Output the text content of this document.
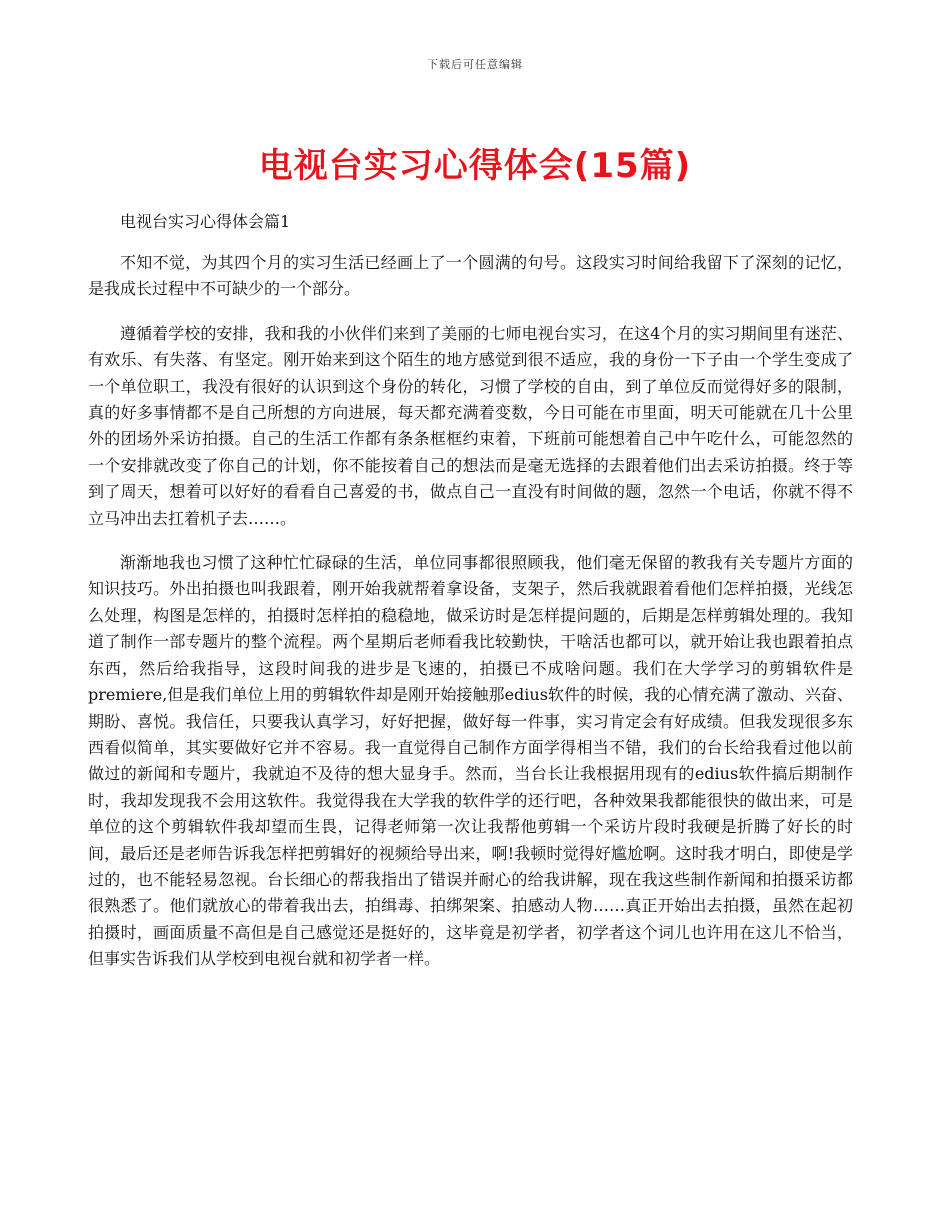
下载后可任意编辑
电视台实习心得体会(15篇)

电视台实习心得体会篇1

不知不觉，为其四个月的实习生活已经画上了一个圆满的句号。这段实习时间给我留下了深刻的记忆，是我成长过程中不可缺少的一个部分。

遵循着学校的安排，我和我的小伙伴们来到了美丽的七师电视台实习，在这4个月的实习期间里有迷茫、有欢乐、有失落、有坚定。刚开始来到这个陌生的地方感觉到很不适应，我的身份一下子由一个学生变成了一个单位职工，我没有很好的认识到这个身份的转化，习惯了学校的自由，到了单位反而觉得好多的限制，真的好多事情都不是自己所想的方向进展，每天都充满着变数，今日可能在市里面，明天可能就在几十公里外的团场外采访拍摄。自己的生活工作都有条条框框约束着，下班前可能想着自己中午吃什么，可能忽然的一个安排就改变了你自己的计划，你不能按着自己的想法而是毫无选择的去跟着他们出去采访拍摄。终于等到了周天，想着可以好好的看看自己喜爱的书，做点自己一直没有时间做的题，忽然一个电话，你就不得不立马冲出去扛着机子去……。

渐渐地我也习惯了这种忙忙碌碌的生活，单位同事都很照顾我，他们毫无保留的教我有关专题片方面的知识技巧。外出拍摄也叫我跟着，刚开始我就帮着拿设备，支架子，然后我就跟着看他们怎样拍摄，光线怎么处理，构图是怎样的，拍摄时怎样拍的稳稳地，做采访时是怎样提问题的，后期是怎样剪辑处理的。我知道了制作一部专题片的整个流程。两个星期后老师看我比较勤快，干啥活也都可以，就开始让我也跟着拍点东西，然后给我指导，这段时间我的进步是飞速的，拍摄已不成啥问题。我们在大学学习的剪辑软件是premiere,但是我们单位上用的剪辑软件却是刚开始接触那edius软件的时候，我的心情充满了激动、兴奋、期盼、喜悦。我信任，只要我认真学习，好好把握，做好每一件事，实习肯定会有好成绩。但我发现很多东西看似简单，其实要做好它并不容易。我一直觉得自己制作方面学得相当不错，我们的台长给我看过他以前做过的新闻和专题片，我就迫不及待的想大显身手。然而，当台长让我根据用现有的edius软件搞后期制作时，我却发现我不会用这软件。我觉得我在大学我的软件学的还行吧，各种效果我都能很快的做出来，可是单位的这个剪辑软件我却望而生畏，记得老师第一次让我帮他剪辑一个采访片段时我硬是折腾了好长的时间，最后还是老师告诉我怎样把剪辑好的视频给导出来，啊!我顿时觉得好尴尬啊。这时我才明白，即使是学过的，也不能轻易忽视。台长细心的帮我指出了错误并耐心的给我讲解，现在我这些制作新闻和拍摄采访都很熟悉了。他们就放心的带着我出去，拍缉毒、拍绑架案、拍感动人物……真正开始出去拍摄，虽然在起初拍摄时，画面质量不高但是自己感觉还是挺好的，这毕竟是初学者，初学者这个词儿也许用在这儿不恰当，但事实告诉我们从学校到电视台就和初学者一样。
